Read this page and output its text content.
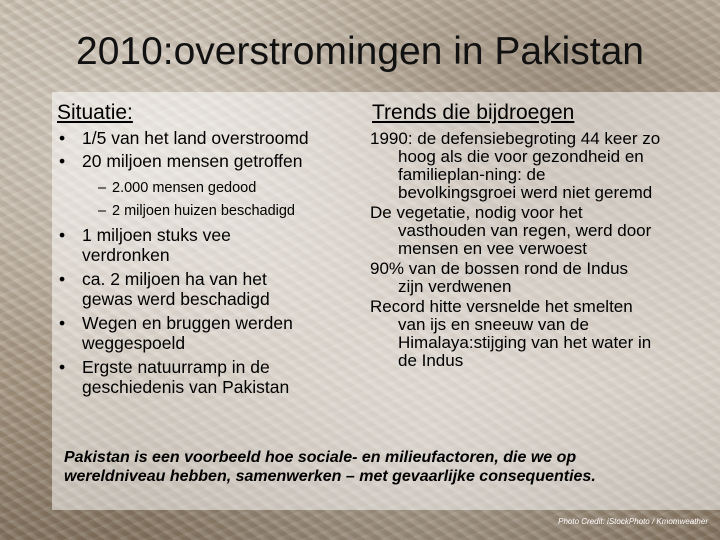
2010:overstromingen in Pakistan
Situatie:	Trends die bijdroegen

• 1/5 van het land overstroomd

• 20 miljoen mensen getroffen

– 2.000 mensen gedood

– 2 miljoen huizen beschadigd

• 1 miljoen stuks vee verdronken

• ca. 2 miljoen ha van het gewas werd beschadigd

• Wegen en bruggen werden weggespoeld

• Ergste natuurramp in de geschiedenis van Pakistan

1990: de defensiebegroting 44 keer zo hoog als die voor gezondheid en familieplan-ning: de bevolkingsgroei werd niet geremd

De vegetatie, nodig voor het vasthouden van regen, werd door mensen en vee verwoest

90% van de bossen rond de Indus zijn verdwenen

Record hitte versnelde het smelten van ijs en sneeuw van de Himalaya:stijging van het water in de Indus

Pakistan is een voorbeeld hoe sociale- en milieufactoren, die we op wereldniveau hebben, samenwerken – met gevaarlijke consequenties.
Photo Credit: iStockPhoto / Kmomweather
